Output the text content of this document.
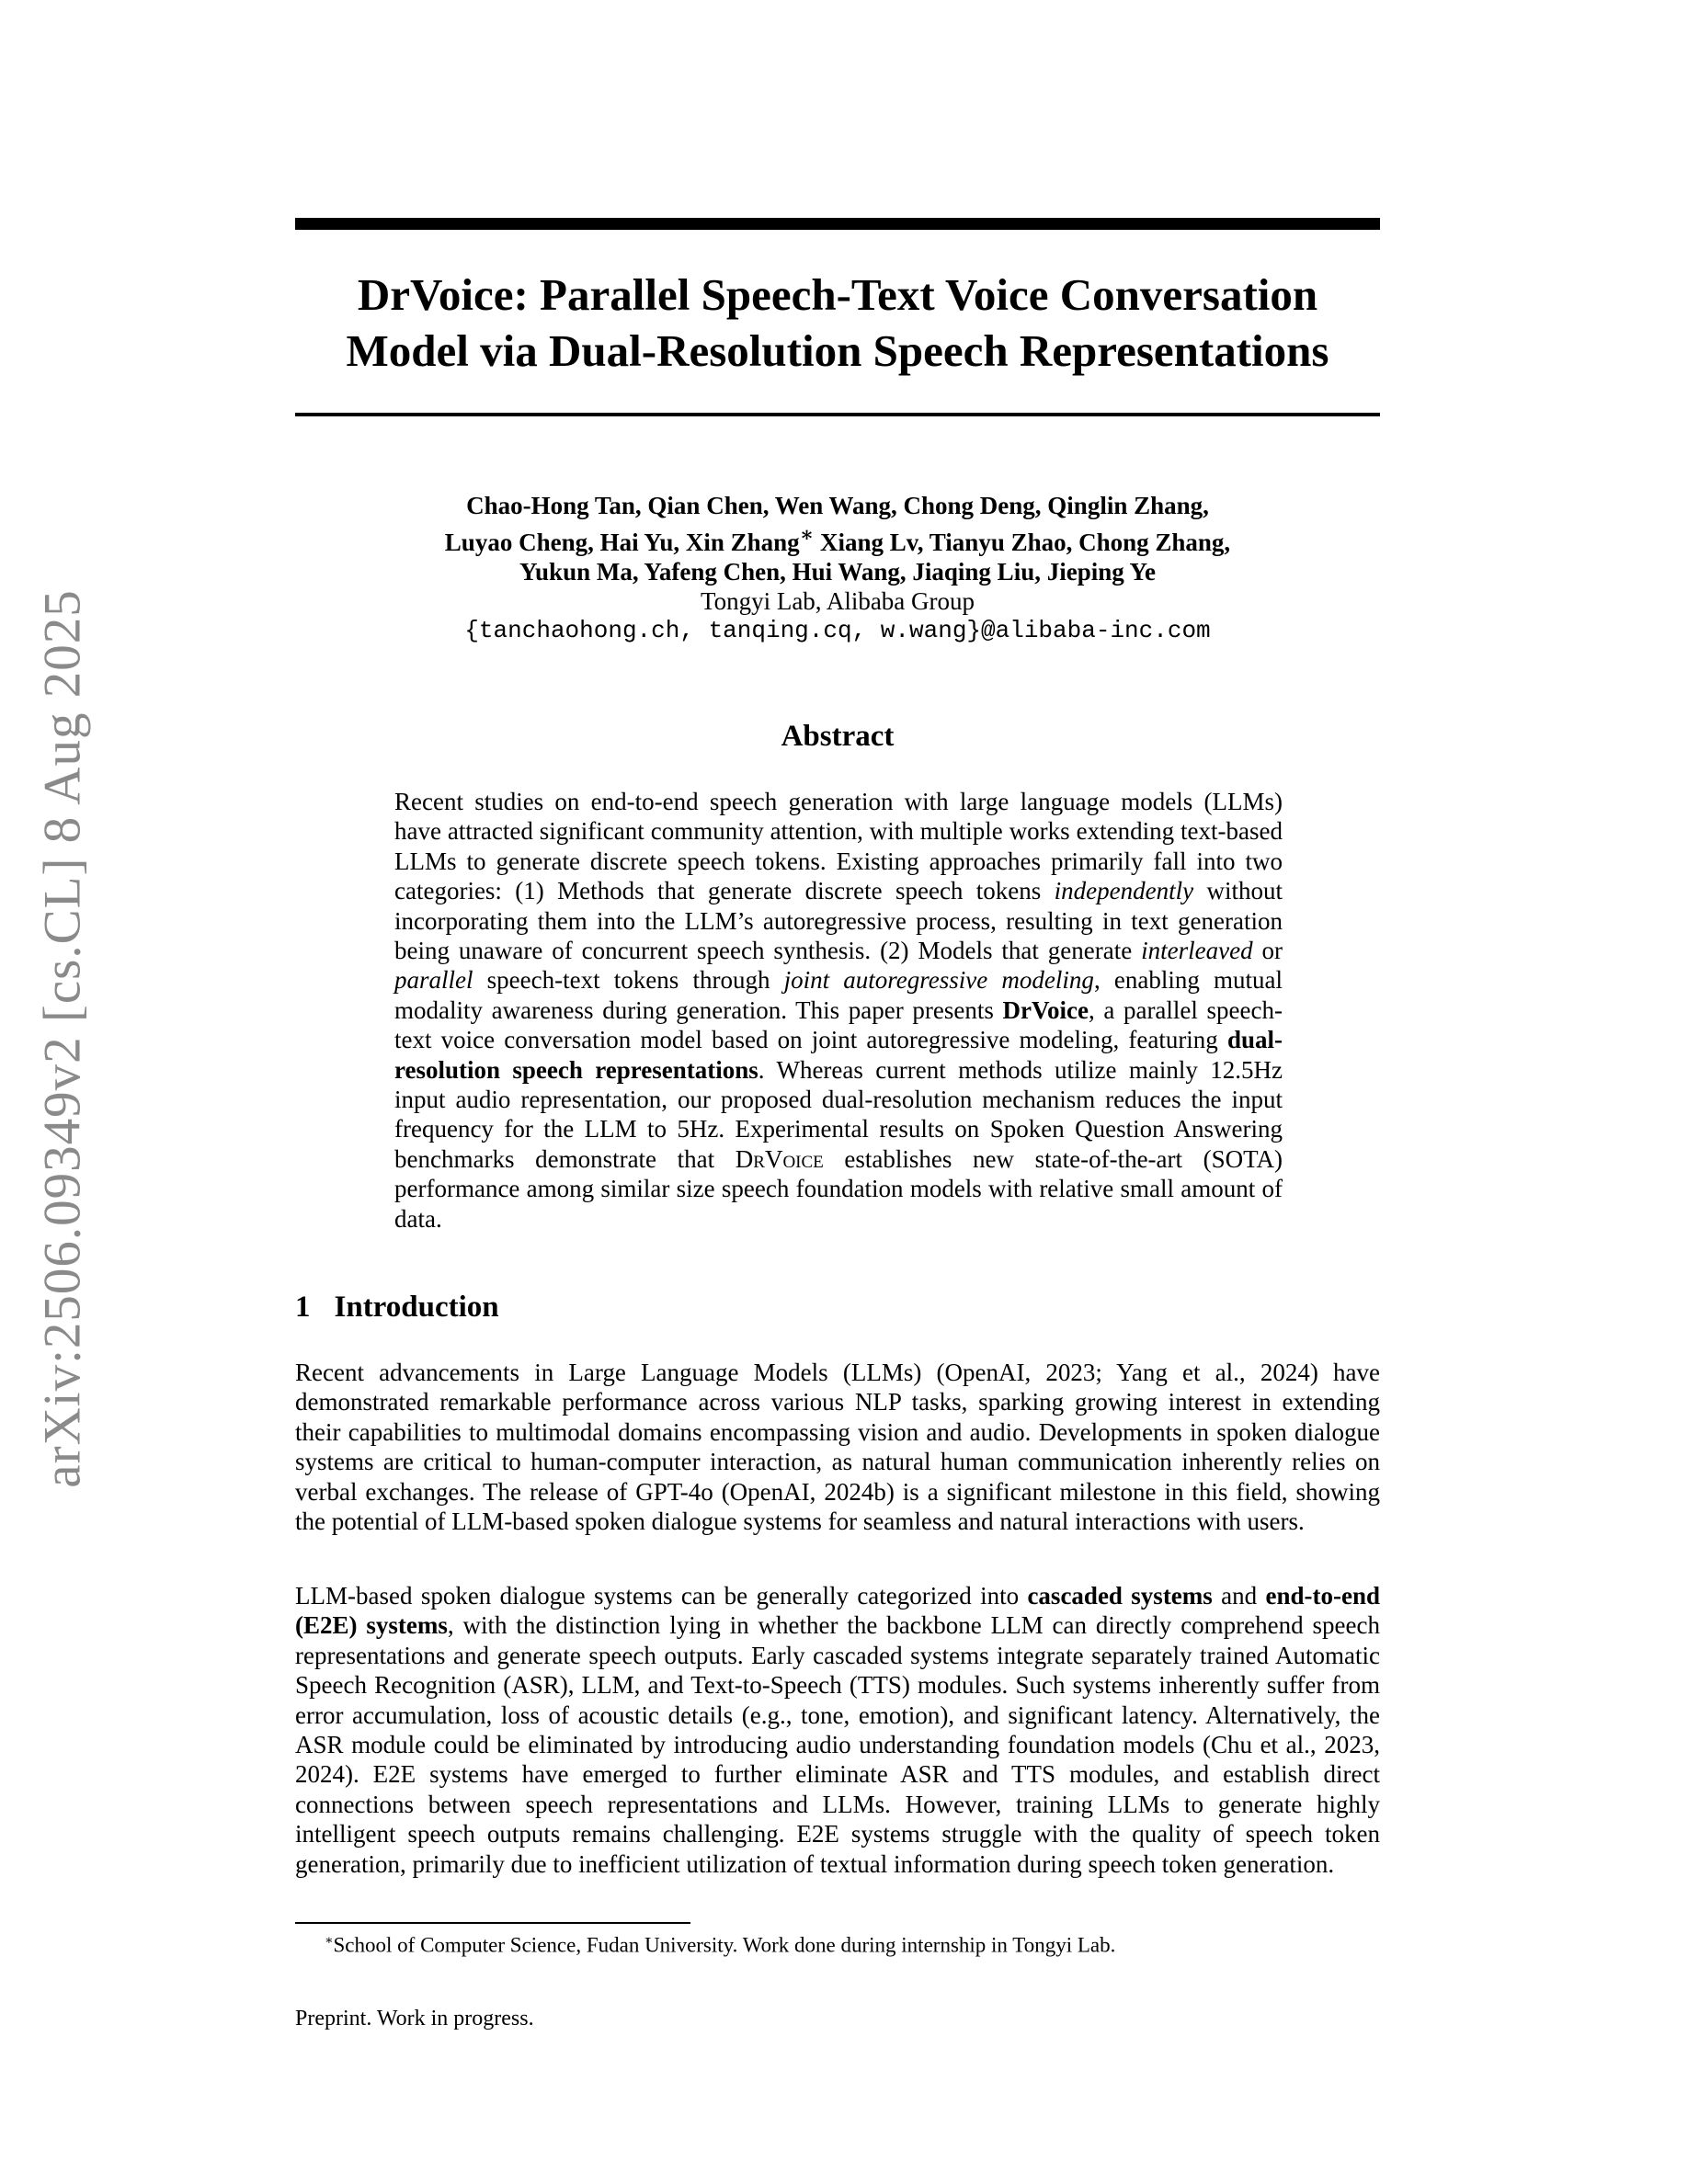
arXiv:2506.09349v2 [cs.CL] 8 Aug 2025
DrVoice: Parallel Speech-Text Voice Conversation
Model via Dual-Resolution Speech Representations
Chao-Hong Tan, Qian Chen, Wen Wang, Chong Deng, Qinglin Zhang,
Luyao Cheng, Hai Yu, Xin Zhang∗ Xiang Lv, Tianyu Zhao, Chong Zhang,
Yukun Ma, Yafeng Chen, Hui Wang, Jiaqing Liu, Jieping Ye
Tongyi Lab, Alibaba Group
{tanchaohong.ch, tanqing.cq, w.wang}@alibaba-inc.com
Abstract

Recent studies on end-to-end speech generation with large language models (LLMs) have attracted significant community attention, with multiple works extending text-based LLMs to generate discrete speech tokens. Existing approaches primarily fall into two categories: (1) Methods that generate discrete speech tokens independently without incorporating them into the LLM’s autoregressive process, resulting in text generation being unaware of concurrent speech synthesis. (2) Models that generate interleaved or parallel speech-text tokens through joint autoregressive modeling, enabling mutual modality awareness during generation. This paper presents DrVoice, a parallel speech-text voice conversation model based on joint autoregressive modeling, featuring dual-resolution speech representations. Whereas current methods utilize mainly 12.5Hz input audio representation, our proposed dual-resolution mechanism reduces the input frequency for the LLM to 5Hz. Experimental results on Spoken Question Answering benchmarks demonstrate that DrVoice establishes new state-of-the-art (SOTA) performance among similar size speech foundation models with relative small amount of data.

1 Introduction

Recent advancements in Large Language Models (LLMs) (OpenAI, 2023; Yang et al., 2024) have demonstrated remarkable performance across various NLP tasks, sparking growing interest in extending their capabilities to multimodal domains encompassing vision and audio. Developments in spoken dialogue systems are critical to human-computer interaction, as natural human communication inherently relies on verbal exchanges. The release of GPT-4o (OpenAI, 2024b) is a significant milestone in this field, showing the potential of LLM-based spoken dialogue systems for seamless and natural interactions with users.

LLM-based spoken dialogue systems can be generally categorized into cascaded systems and end-to-end (E2E) systems, with the distinction lying in whether the backbone LLM can directly comprehend speech representations and generate speech outputs. Early cascaded systems integrate separately trained Automatic Speech Recognition (ASR), LLM, and Text-to-Speech (TTS) modules. Such systems inherently suffer from error accumulation, loss of acoustic details (e.g., tone, emotion), and significant latency. Alternatively, the ASR module could be eliminated by introducing audio understanding foundation models (Chu et al., 2023, 2024). E2E systems have emerged to further eliminate ASR and TTS modules, and establish direct connections between speech representations and LLMs. However, training LLMs to generate highly intelligent speech outputs remains challenging. E2E systems struggle with the quality of speech token generation, primarily due to inefficient utilization of textual information during speech token generation.

∗School of Computer Science, Fudan University. Work done during internship in Tongyi Lab.
Preprint. Work in progress.
